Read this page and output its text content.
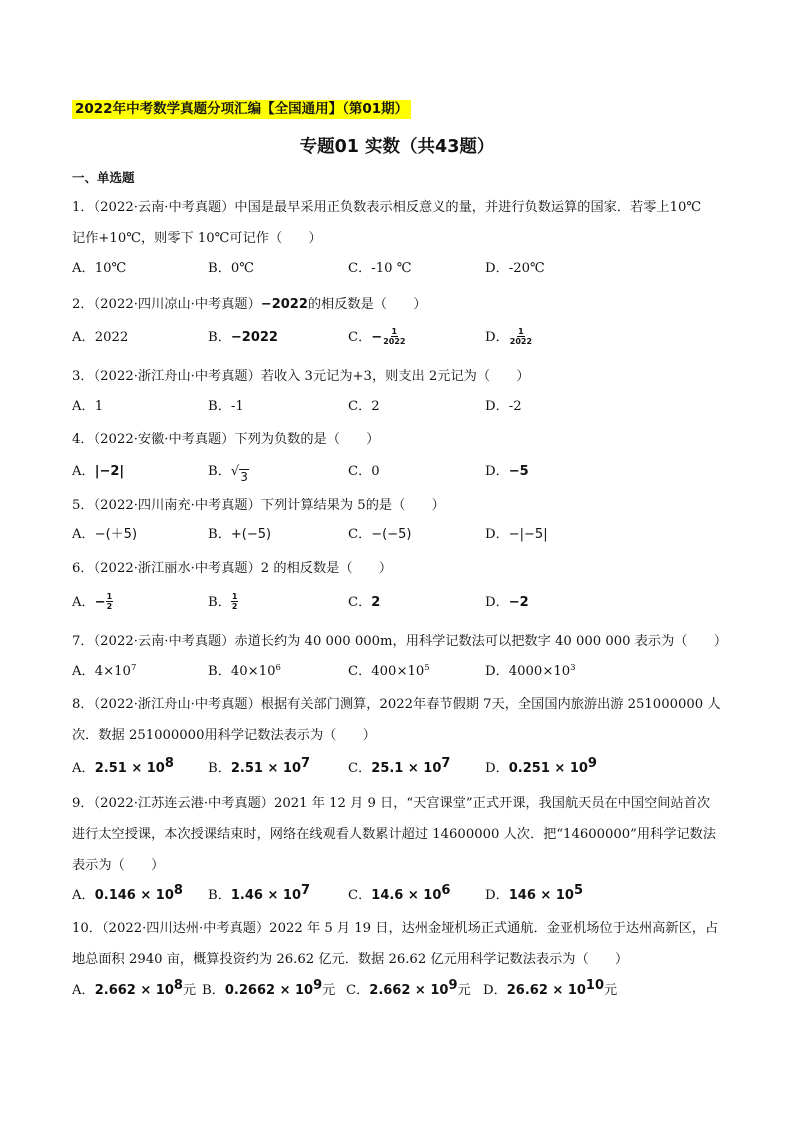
2022年中考数学真题分项汇编【全国通用】（第01期）
专题01 实数（共43题）
一、单选题
1．（2022·云南·中考真题）中国是最早采用正负数表示相反意义的量，并进行负数运算的国家．若零上10℃
记作+10℃，则零下 10℃可记作（　　）
A．10℃	B．0℃	C．-10 ℃	D．-20℃
2．（2022·四川凉山·中考真题）−2022的相反数是（　　）
A．2022	B．−2022	C．− $\frac{1}{2022}$	D． $\frac{1}{2022}$
3．（2022·浙江舟山·中考真题）若收入 3元记为+3，则支出 2元记为（　　）
A．1	B．-1	C．2	D．-2
4．（2022·安徽·中考真题）下列为负数的是（　　）
A．|−2|	B． √ 3	C．0	D．−5
5．（2022·四川南充·中考真题）下列计算结果为 5的是（　　）
A．−(＋5)	B．+(−5)	C．−(−5)	D．−|−5|
6．（2022·浙江丽水·中考真题）2 的相反数是（　　）
A．− $\frac{1}{2}$	B． $\frac{1}{2}$	C．2	D．−2
7．（2022·云南·中考真题）赤道长约为 40 000 000m，用科学记数法可以把数字 40 000 000 表示为（　　）
A．$4\times 10^7$	B．$40\times 10^6$	C．$400\times 10^5$	D．$4000\times 10^3$
8．（2022·浙江舟山·中考真题）根据有关部门测算，2022年春节假期 7天，全国国内旅游出游 251000000 人
次．数据 251000000用科学记数法表示为（　　）
A．$2.51 \times 10^8$	B．$2.51 \times 10^7$	C．$25.1 \times 10^7$	D．$0.251 \times 10^9$
9．（2022·江苏连云港·中考真题）2021 年 12 月 9 日，“天宫课堂”正式开课，我国航天员在中国空间站首次
进行太空授课，本次授课结束时，网络在线观看人数累计超过 14600000 人次．把“14600000”用科学记数法
表示为（　　）
A．$0.146 \times 10^8$ B．$1.46 \times 10^7$	C．$14.6 \times 10^6$	D．$146 \times 10^5$
10．（2022·四川达州·中考真题）2022 年 5 月 19 日，达州金垭机场正式通航．金亚机场位于达州高新区，占
地总面积 2940 亩，概算投资约为 26.62 亿元．数据 26.62 亿元用科学记数法表示为（　　）
A．$2.662 \times 10^8$元 B．$0.2662 \times 10^9$元 C．$2.662 \times 10^9$元 D．$26.62 \times 10^{10}$元
